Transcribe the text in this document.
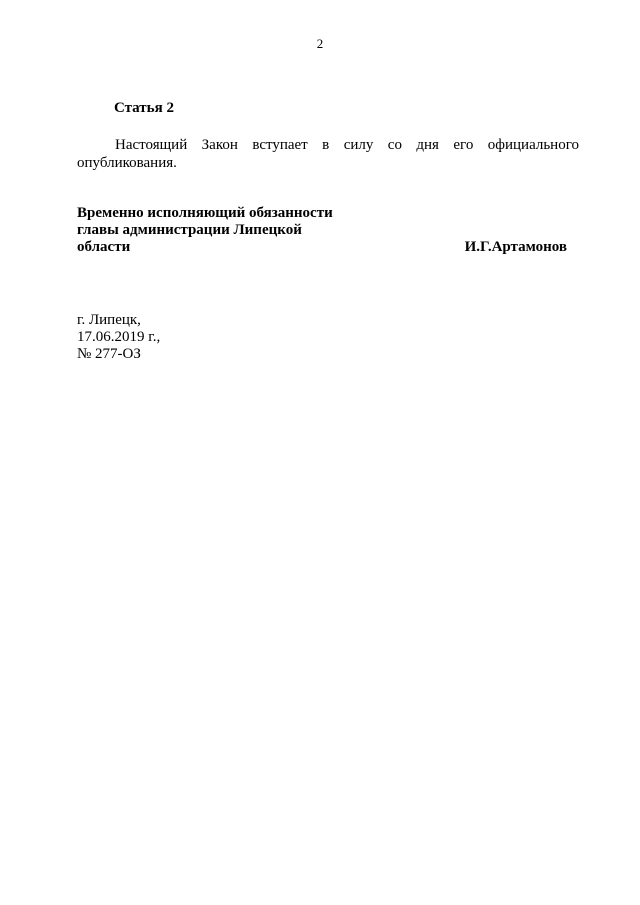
2
Статья 2

Настоящий Закон вступает в силу со дня его официального опубликования.

Временно исполняющий обязанности
главы администрации Липецкой
области	И.Г.Артамонов
г. Липецк,
17.06.2019 г.,
№ 277-ОЗ
